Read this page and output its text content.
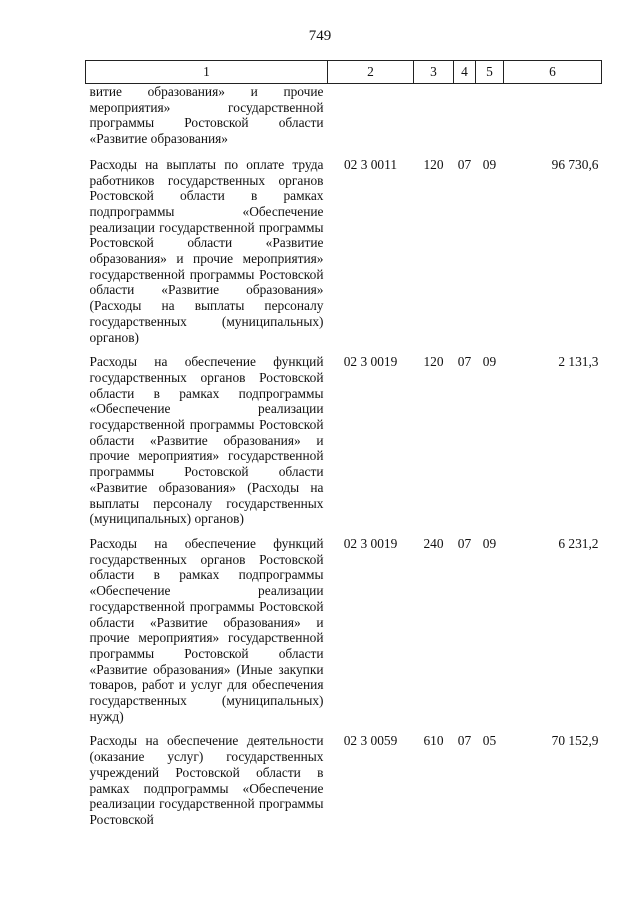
749
1	2	3	4	5	6
витие образования» и прочие мероприятия» государственной программы Ростовской области «Развитие образования»					
Расходы на выплаты по оплате труда работников государственных органов Ростовской области в рамках подпрограммы «Обеспечение реализации государственной программы Ростовской области «Развитие образования» и прочие мероприятия» государственной программы Ростовской области «Развитие образования» (Расходы на выплаты персоналу государственных (муниципальных) органов)	02 3 0011	120	07	09	96 730,6
Расходы на обеспечение функций государственных органов Ростовской области в рамках подпрограммы «Обеспечение реализации государственной программы Ростовской области «Развитие образования» и прочие мероприятия» государственной программы Ростовской области «Развитие образования» (Расходы на выплаты персоналу государственных (муниципальных) органов)	02 3 0019	120	07	09	2 131,3
Расходы на обеспечение функций государственных органов Ростовской области в рамках подпрограммы «Обеспечение реализации государственной программы Ростовской области «Развитие образования» и прочие мероприятия» государственной программы Ростовской области «Развитие образования» (Иные закупки товаров, работ и услуг для обеспечения государственных (муниципальных) нужд)	02 3 0019	240	07	09	6 231,2
Расходы на обеспечение деятельности (оказание услуг) государственных учреждений Ростовской области в рамках подпрограммы «Обеспечение реализации государственной программы Ростовской	02 3 0059	610	07	05	70 152,9
